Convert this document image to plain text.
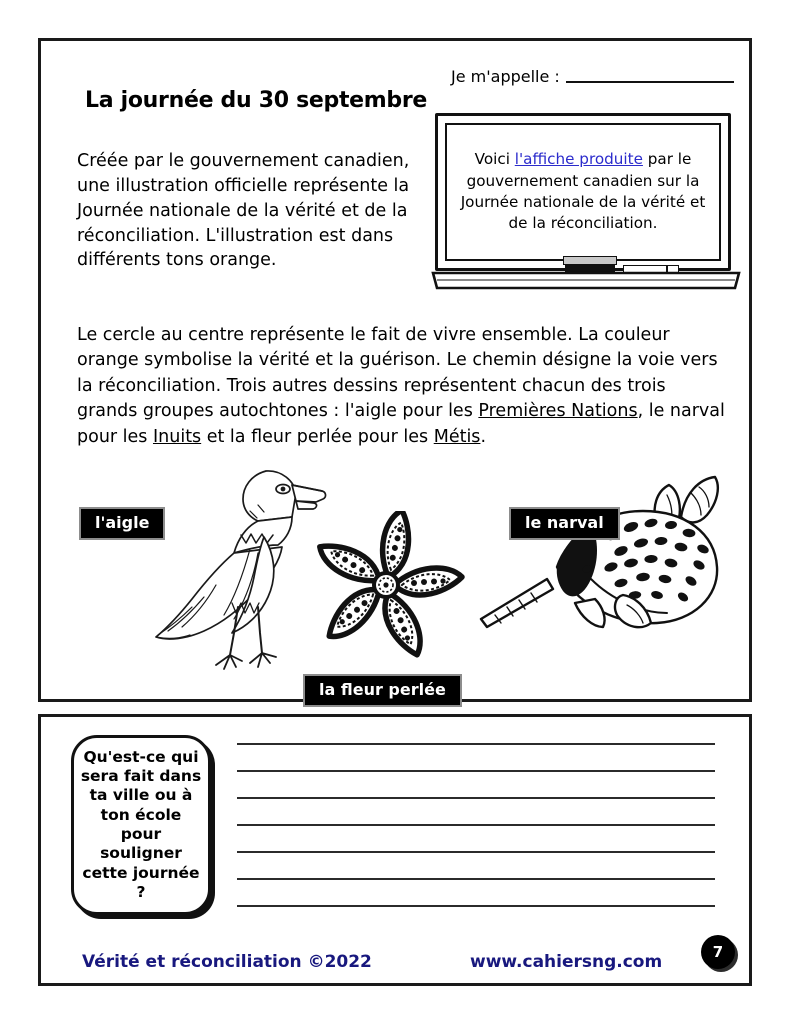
La journée du 30 septembre
Je m'appelle :
Créée par le gouvernement canadien, une illustration officielle représente la Journée nationale de la vérité et de la réconciliation. L'illustration est dans différents tons orange.
Voici l'affiche produite par le gouvernement canadien sur la Journée nationale de la vérité et de la réconciliation.
Le cercle au centre représente le fait de vivre ensemble. La couleur orange symbolise la vérité et la guérison. Le chemin désigne la voie vers la réconciliation. Trois autres dessins représentent chacun des trois grands groupes autochtones : l'aigle pour les Premières Nations, le narval pour les Inuits et la fleur perlée pour les Métis.
l'aigle	le narval
la fleur perlée
Qu'est-ce qui sera fait dans ta ville ou à ton école pour souligner cette journée ?
Vérité et réconciliation ©2022	www.cahiersng.com	7
